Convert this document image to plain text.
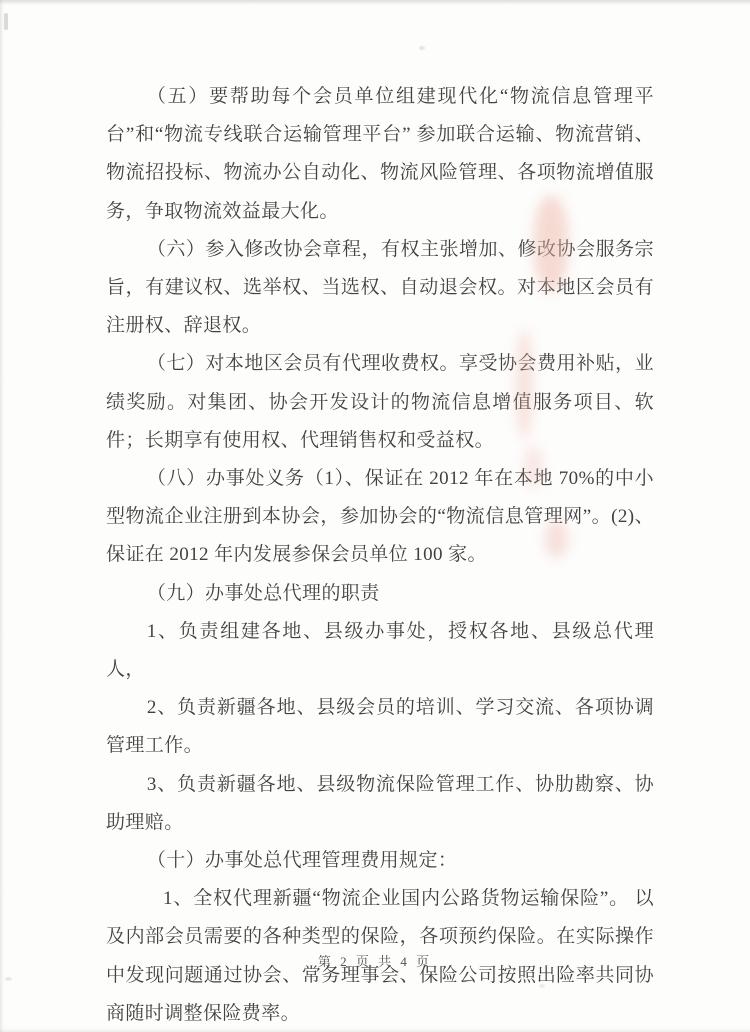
（五）要帮助每个会员单位组建现代化“物流信息管理平台”和“物流专线联合运输管理平台” 参加联合运输、物流营销、物流招投标、物流办公自动化、物流风险管理、各项物流增值服务，争取物流效益最大化。

（六）参入修改协会章程，有权主张增加、修改协会服务宗旨，有建议权、选举权、当选权、自动退会权。对本地区会员有注册权、辞退权。

（七）对本地区会员有代理收费权。享受协会费用补贴，业绩奖励。对集团、协会开发设计的物流信息增值服务项目、软件；长期享有使用权、代理销售权和受益权。

（八）办事处义务（1）、保证在 2012 年在本地 70%的中小型物流企业注册到本协会，参加协会的“物流信息管理网”。(2)、保证在 2012 年内发展参保会员单位 100 家。

（九）办事处总代理的职责

1、负责组建各地、县级办事处，授权各地、县级总代理人，

2、负责新疆各地、县级会员的培训、学习交流、各项协调管理工作。

3、负责新疆各地、县级物流保险管理工作、协肋勘察、协助理赔。

（十）办事处总代理管理费用规定：

1、全权代理新疆“物流企业国内公路货物运输保险”。 以及内部会员需要的各种类型的保险，各项预约保险。在实际操作中发现问题通过协会、常务理事会、保险公司按照出险率共同协商随时调整保险费率。

第 2 页 共 4 页
